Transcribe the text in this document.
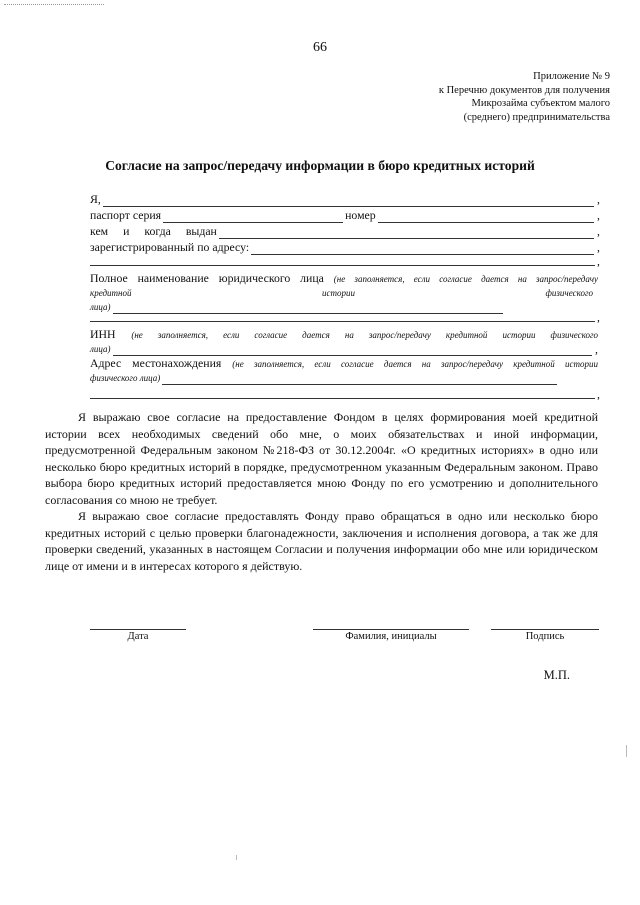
66
Приложение № 9
к Перечню документов для получения
Микрозайма субъектом малого
(среднего) предпринимательства
Согласие на запрос/передачу информации в бюро кредитных историй
Я,	,
паспорт серия	номер	,
кем и когда выдан	,
зарегистрированный по адресу:	,
,
Полное наименование юридического лица (не заполняется, если согласие дается на запрос/передачу
кредитной	истории	физического
лица)
,
ИНН (не заполняется, если согласие дается на запрос/передачу кредитной истории физического
лица)	,
Адрес местонахождения (не заполняется, если согласие дается на запрос/передачу кредитной истории
физического лица)
,

Я выражаю свое согласие на предоставление Фондом в целях формирования моей кредитной истории всех необходимых сведений обо мне, о моих обязательствах и иной информации, предусмотренной Федеральным законом №218-ФЗ от 30.12.2004г. «О кредитных историях» в одно или несколько бюро кредитных историй в порядке, предусмотренном указанным Федеральным законом. Право выбора бюро кредитных историй предоставляется мною Фонду по его усмотрению и дополнительного согласования со мною не требует.

Я выражаю свое согласие предоставлять Фонду право обращаться в одно или несколько бюро кредитных историй с целью проверки благонадежности, заключения и исполнения договора, а так же для проверки сведений, указанных в настоящем Согласии и получения информации обо мне или юридическом лице от имени и в интересах которого я действую.

Дата	Фамилия, инициалы	Подпись
М.П.
